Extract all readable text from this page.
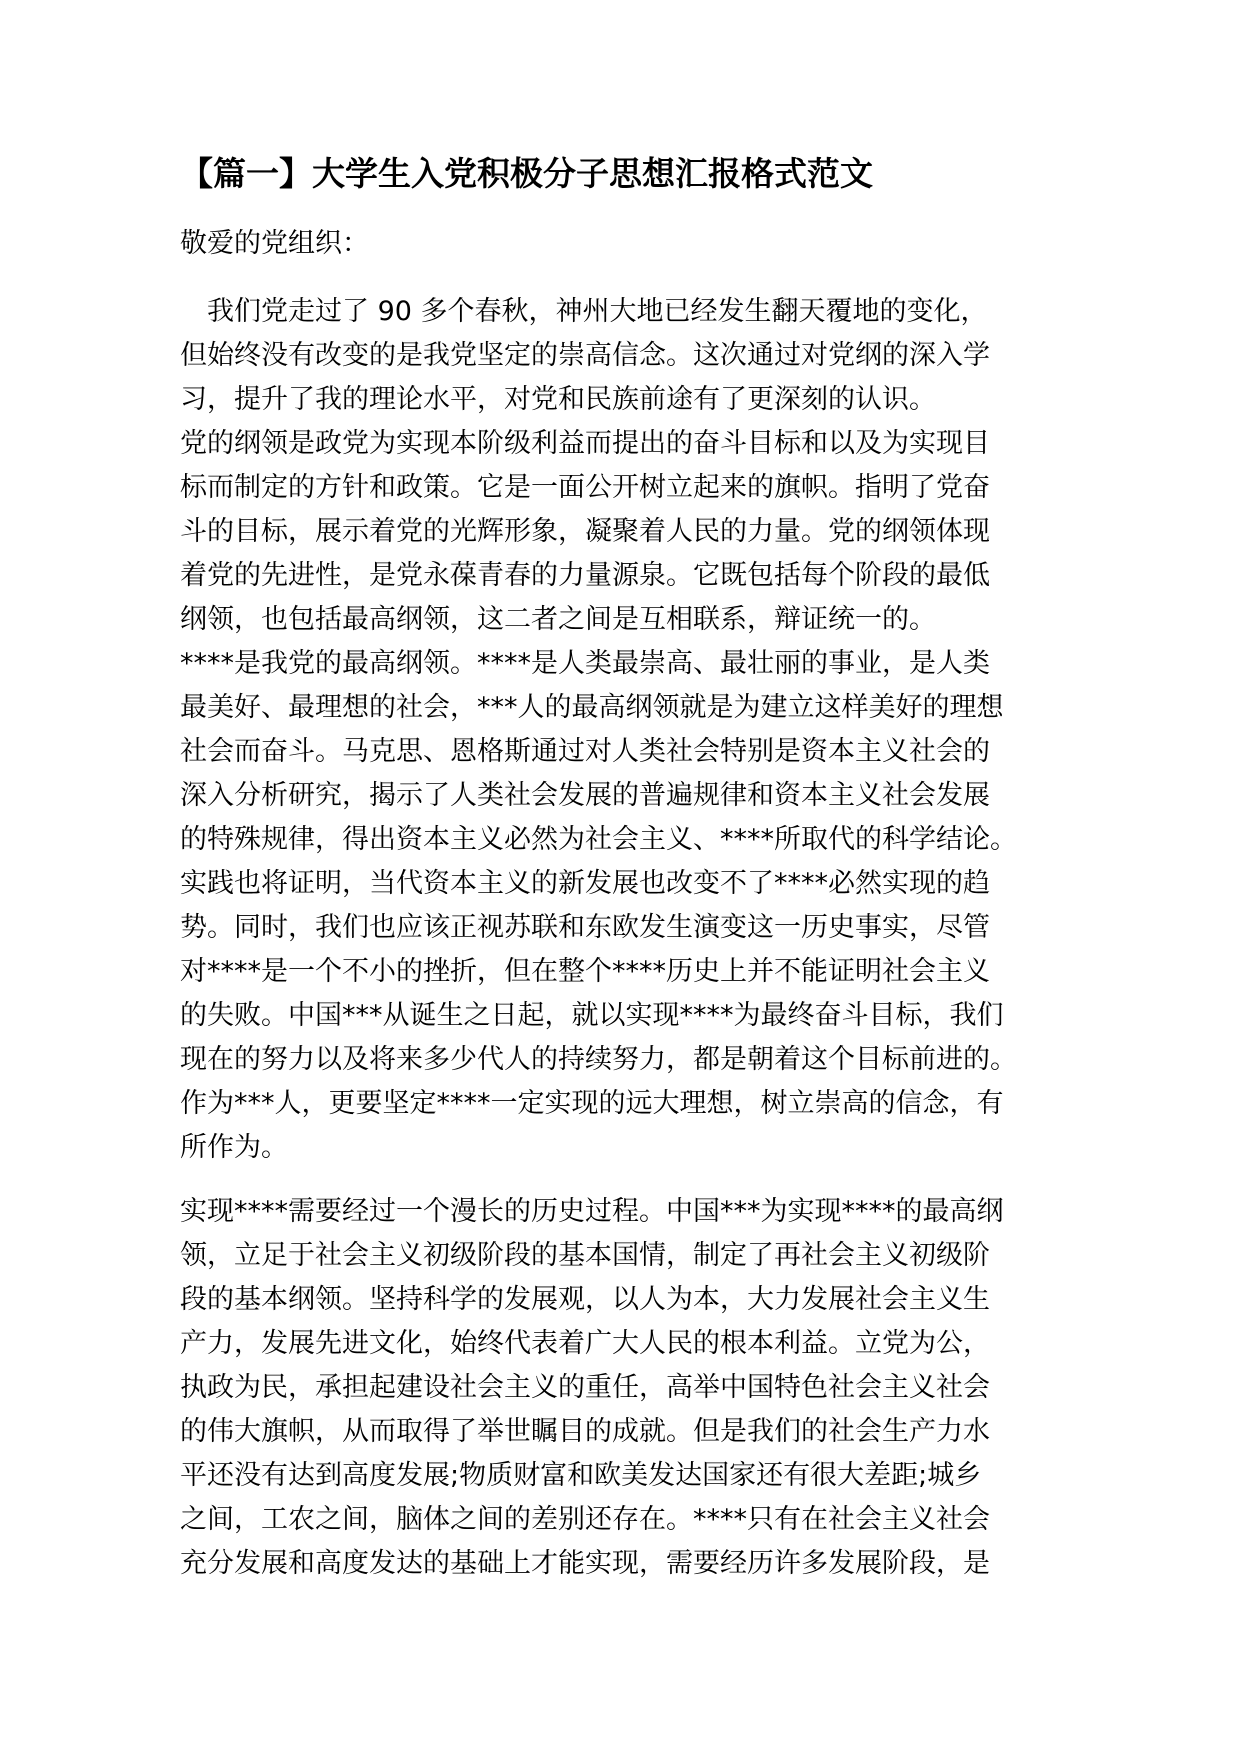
【篇一】大学生入党积极分子思想汇报格式范文

敬爱的党组织：

我们党走过了 90 多个春秋，神州大地已经发生翻天覆地的变化，
但始终没有改变的是我党坚定的崇高信念。这次通过对党纲的深入学
习，提升了我的理论水平，对党和民族前途有了更深刻的认识。
党的纲领是政党为实现本阶级利益而提出的奋斗目标和以及为实现目
标而制定的方针和政策。它是一面公开树立起来的旗帜。指明了党奋
斗的目标，展示着党的光辉形象，凝聚着人民的力量。党的纲领体现
着党的先进性，是党永葆青春的力量源泉。它既包括每个阶段的最低
纲领，也包括最高纲领，这二者之间是互相联系，辩证统一的。
****是我党的最高纲领。****是人类最崇高、最壮丽的事业，是人类
最美好、最理想的社会，***人的最高纲领就是为建立这样美好的理想
社会而奋斗。马克思、恩格斯通过对人类社会特别是资本主义社会的
深入分析研究，揭示了人类社会发展的普遍规律和资本主义社会发展
的特殊规律，得出资本主义必然为社会主义、****所取代的科学结论。
实践也将证明，当代资本主义的新发展也改变不了****必然实现的趋
势。同时，我们也应该正视苏联和东欧发生演变这一历史事实，尽管
对****是一个不小的挫折，但在整个****历史上并不能证明社会主义
的失败。中国***从诞生之日起，就以实现****为最终奋斗目标，我们
现在的努力以及将来多少代人的持续努力，都是朝着这个目标前进的。
作为***人，更要坚定****一定实现的远大理想，树立崇高的信念，有
所作为。
实现****需要经过一个漫长的历史过程。中国***为实现****的最高纲
领，立足于社会主义初级阶段的基本国情，制定了再社会主义初级阶
段的基本纲领。坚持科学的发展观，以人为本，大力发展社会主义生
产力，发展先进文化，始终代表着广大人民的根本利益。立党为公，
执政为民，承担起建设社会主义的重任，高举中国特色社会主义社会
的伟大旗帜，从而取得了举世瞩目的成就。但是我们的社会生产力水
平还没有达到高度发展;物质财富和欧美发达国家还有很大差距;城乡
之间，工农之间，脑体之间的差别还存在。****只有在社会主义社会
充分发展和高度发达的基础上才能实现，需要经历许多发展阶段，是
